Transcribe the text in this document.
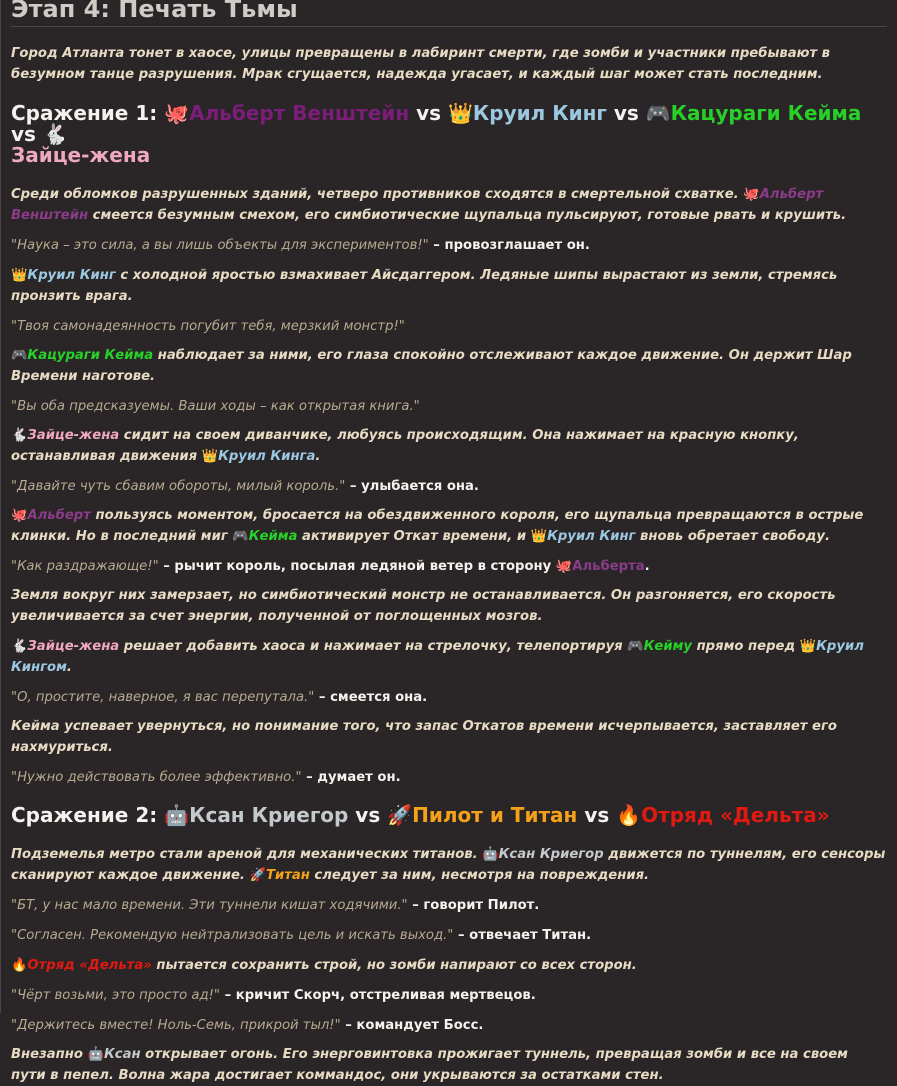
Этап 4: Печать Тьмы

Город Атланта тонет в хаосе, улицы превращены в лабиринт смерти, где зомби и участники пребывают в безумном танце разрушения. Мрак сгущается, надежда угасает, и каждый шаг может стать последним.

Сражение 1: 🐙Альберт Венштейн vs 👑Круил Кинг vs 🎮Кацураги Кейма vs 🐇
Зайце-жена

Среди обломков разрушенных зданий, четверо противников сходятся в смертельной схватке. 🐙Альберт Венштейн смеется безумным смехом, его симбиотические щупальца пульсируют, готовые рвать и крушить.

"Наука – это сила, а вы лишь объекты для экспериментов!" – провозглашает он.

👑Круил Кинг с холодной яростью взмахивает Айсдаггером. Ледяные шипы вырастают из земли, стремясь пронзить врага.

"Твоя самонадеянность погубит тебя, мерзкий монстр!"

🎮Кацураги Кейма наблюдает за ними, его глаза спокойно отслеживают каждое движение. Он держит Шар Времени наготове.

"Вы оба предсказуемы. Ваши ходы – как открытая книга."

🐇Зайце-жена сидит на своем диванчике, любуясь происходящим. Она нажимает на красную кнопку, останавливая движения 👑Круил Кинга.

"Давайте чуть сбавим обороты, милый король." – улыбается она.

🐙Альберт пользуясь моментом, бросается на обездвиженного короля, его щупальца превращаются в острые клинки. Но в последний миг 🎮Кейма активирует Откат времени, и 👑Круил Кинг вновь обретает свободу.

"Как раздражающе!" – рычит король, посылая ледяной ветер в сторону 🐙Альберта.

Земля вокруг них замерзает, но симбиотический монстр не останавливается. Он разгоняется, его скорость увеличивается за счет энергии, полученной от поглощенных мозгов.

🐇Зайце-жена решает добавить хаоса и нажимает на стрелочку, телепортируя 🎮Кейму прямо перед 👑Круил Кингом.

"О, простите, наверное, я вас перепутала." – смеется она.

Кейма успевает увернуться, но понимание того, что запас Откатов времени исчерпывается, заставляет его нахмуриться.

"Нужно действовать более эффективно." – думает он.

Сражение 2: 🤖Ксан Криегор vs 🚀Пилот и Титан vs 🔥Отряд «Дельта»

Подземелья метро стали ареной для механических титанов. 🤖Ксан Криегор движется по туннелям, его сенсоры сканируют каждое движение. 🚀Титан следует за ним, несмотря на повреждения.

"БТ, у нас мало времени. Эти туннели кишат ходячими." – говорит Пилот.

"Согласен. Рекомендую нейтрализовать цель и искать выход." – отвечает Титан.

🔥Отряд «Дельта» пытается сохранить строй, но зомби напирают со всех сторон.

"Чёрт возьми, это просто ад!" – кричит Скорч, отстреливая мертвецов.

"Держитесь вместе! Ноль-Семь, прикрой тыл!" – командует Босс.

Внезапно 🤖Ксан открывает огонь. Его энерговинтовка прожигает туннель, превращая зомби и все на своем пути в пепел. Волна жара достигает коммандос, они укрываются за остатками стен.
